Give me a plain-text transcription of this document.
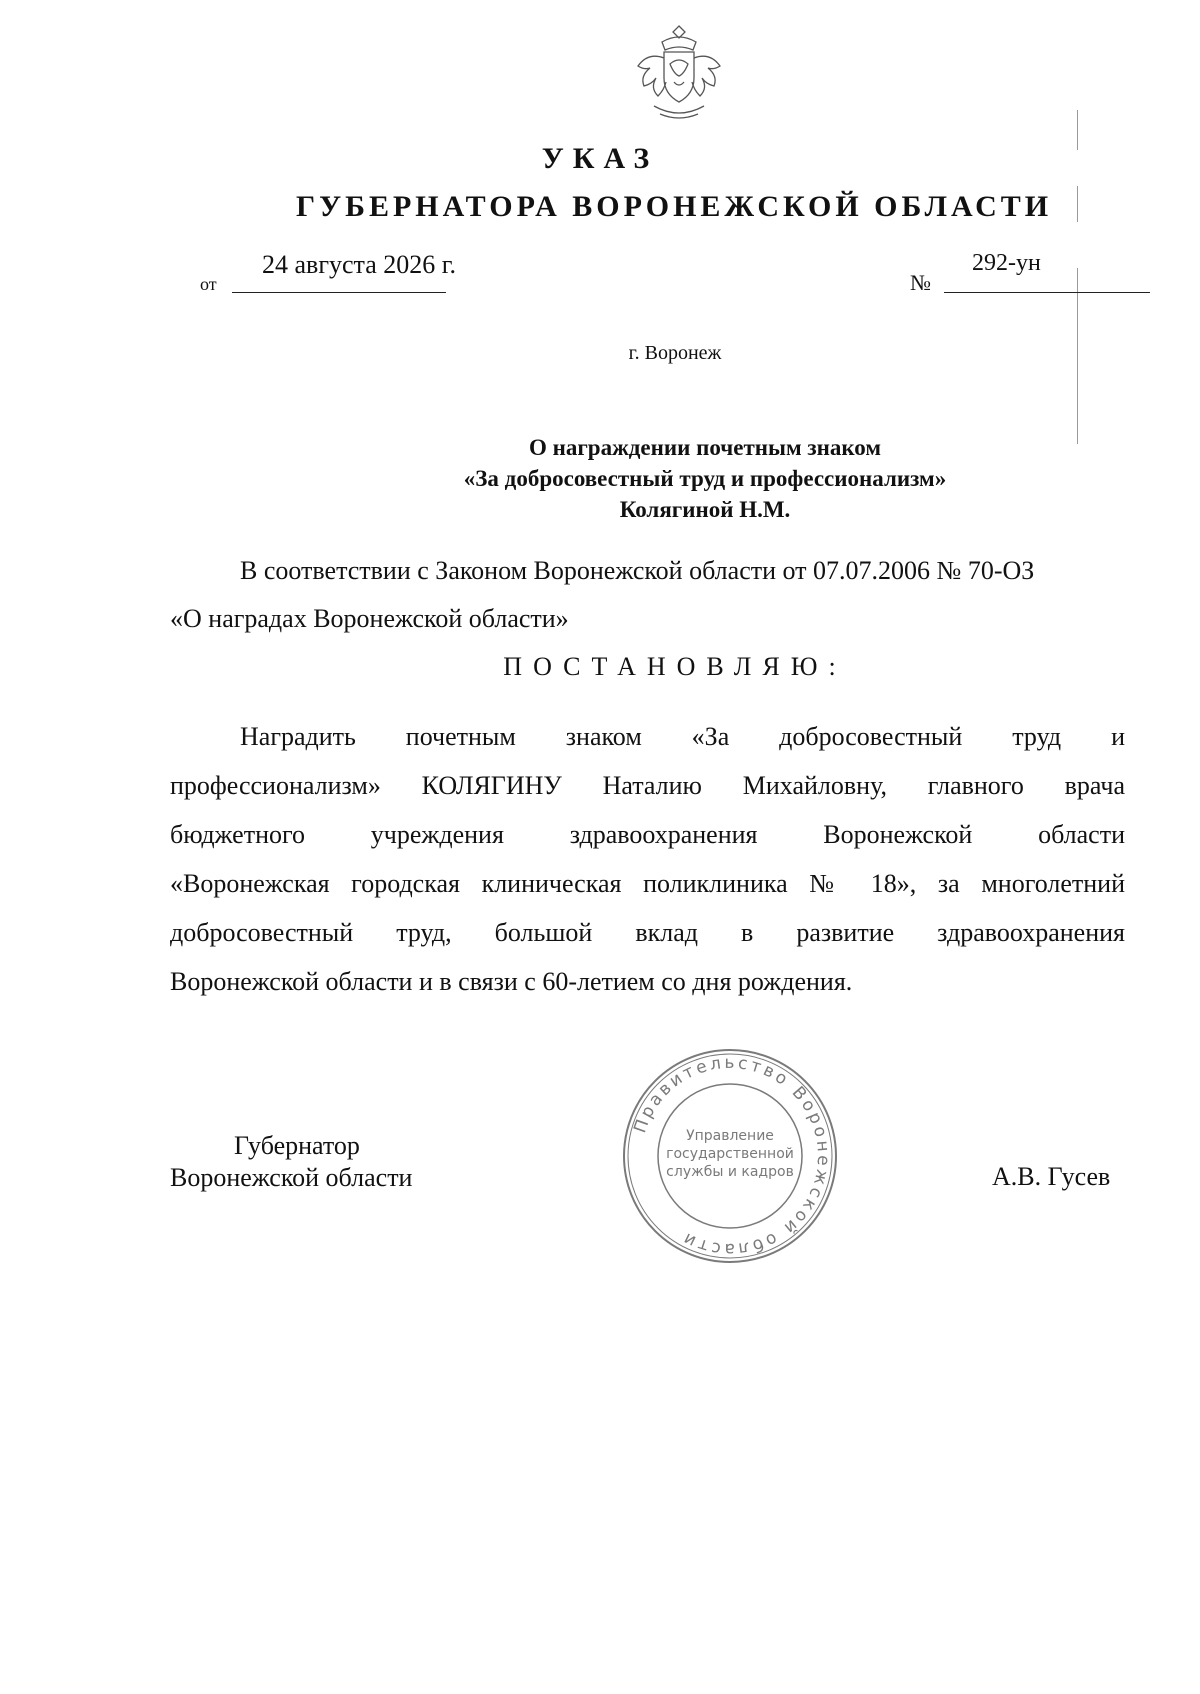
УКАЗ
ГУБЕРНАТОРА ВОРОНЕЖСКОЙ ОБЛАСТИ
от
24 августа 2026 г.
№
292-ун
г. Воронеж
О награждении почетным знаком
«За добросовестный труд и профессионализм»
Колягиной Н.М.
В соответствии с Законом Воронежской области от 07.07.2006 № 70-ОЗ
«О наградах Воронежской области»
ПОСТАНОВЛЯЮ:
Наградить почетным знаком «За добросовестный труд и
профессионализм» КОЛЯГИНУ Наталию Михайловну, главного врача
бюджетного учреждения здравоохранения Воронежской области
«Воронежская городская клиническая поликлиника № 18», за многолетний
добросовестный труд, большой вклад в развитие здравоохранения
Воронежской области и в связи с 60-летием со дня рождения.
Губернатор
Воронежской области	А.В. Гусев
Правительство Воронежской области
Управление
государственной
службы и кадров
